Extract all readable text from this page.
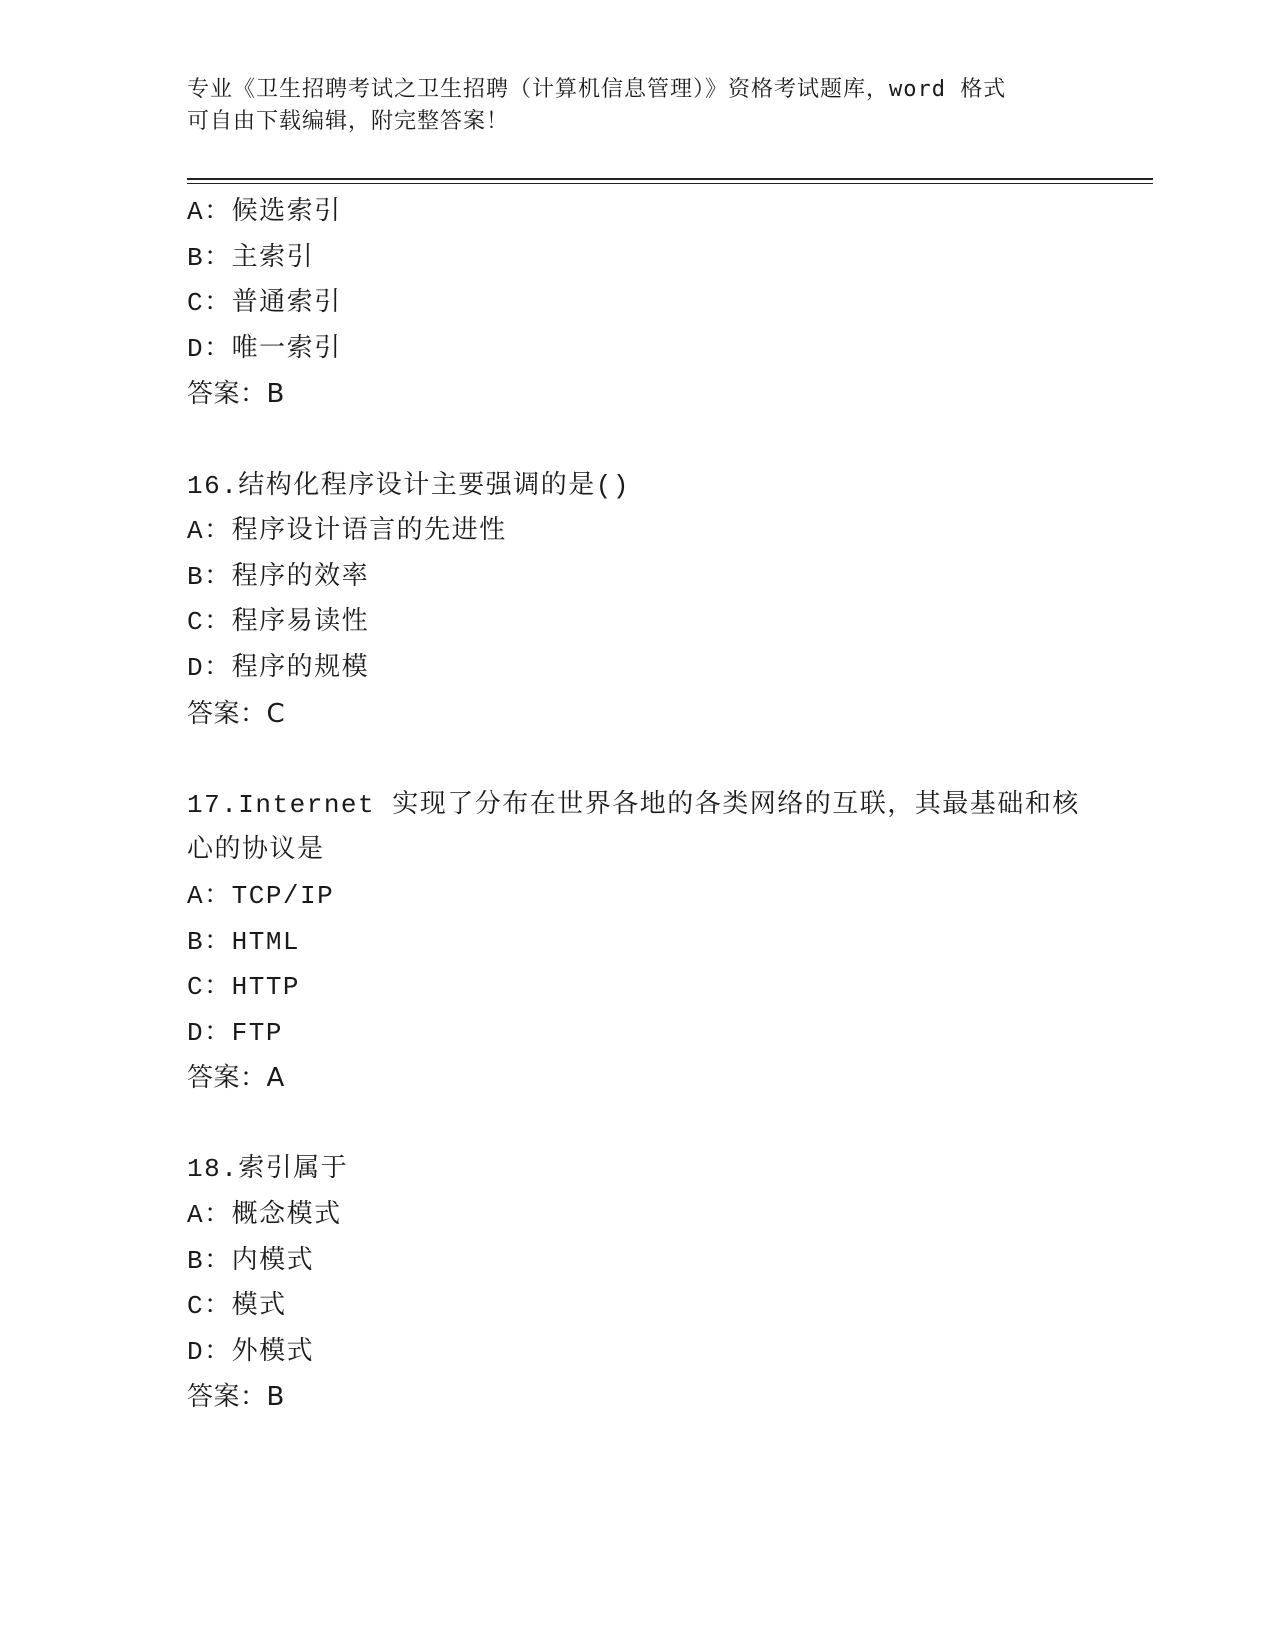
专业《卫生招聘考试之卫生招聘（计算机信息管理）》资格考试题库，word 格式
可自由下载编辑，附完整答案！
A：候选索引
B：主索引
C：普通索引
D：唯一索引
答案：B
16.结构化程序设计主要强调的是()
A：程序设计语言的先进性
B：程序的效率
C：程序易读性
D：程序的规模
答案：C
17.Internet 实现了分布在世界各地的各类网络的互联，其最基础和核
心的协议是
A：TCP/IP
B：HTML
C：HTTP
D：FTP
答案：A
18.索引属于
A：概念模式
B：内模式
C：模式
D：外模式
答案：B
